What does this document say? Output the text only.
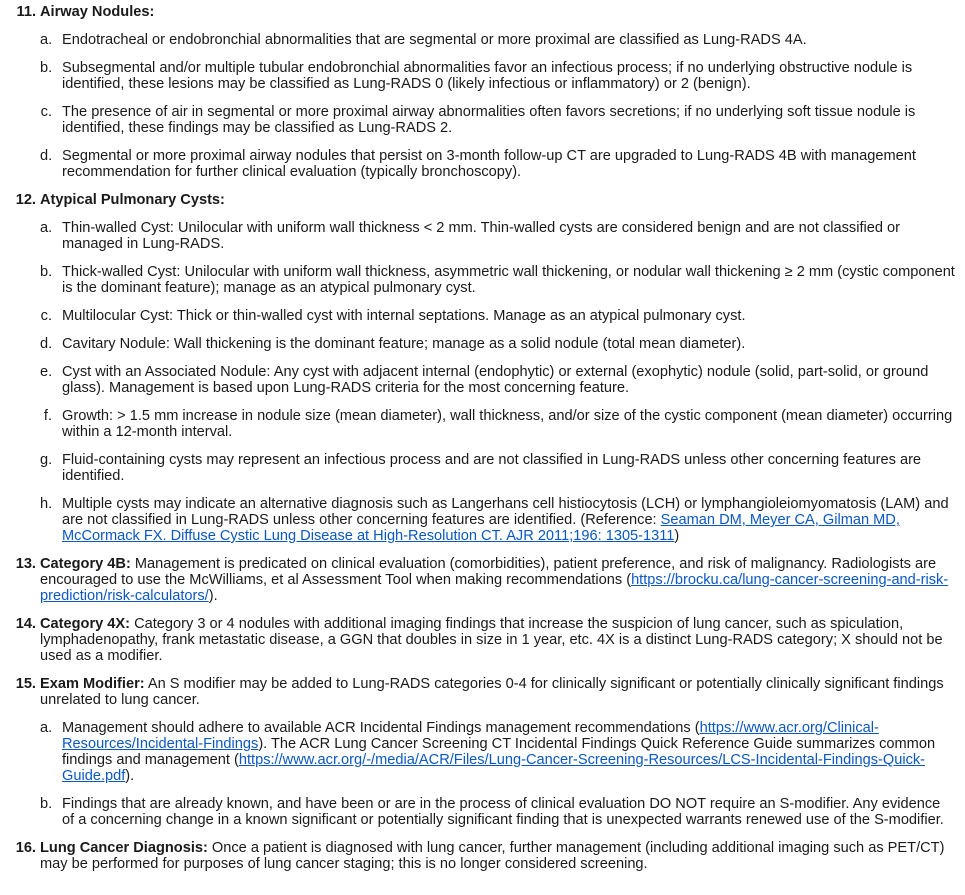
11. Airway Nodules:
a. Endotracheal or endobronchial abnormalities that are segmental or more proximal are classified as Lung-RADS 4A.
b. Subsegmental and/or multiple tubular endobronchial abnormalities favor an infectious process; if no underlying obstructive nodule is identified, these lesions may be classified as Lung-RADS 0 (likely infectious or inflammatory) or 2 (benign).
c. The presence of air in segmental or more proximal airway abnormalities often favors secretions; if no underlying soft tissue nodule is identified, these findings may be classified as Lung-RADS 2.
d. Segmental or more proximal airway nodules that persist on 3-month follow-up CT are upgraded to Lung-RADS 4B with management recommendation for further clinical evaluation (typically bronchoscopy).
12. Atypical Pulmonary Cysts:
a. Thin-walled Cyst: Unilocular with uniform wall thickness < 2 mm. Thin-walled cysts are considered benign and are not classified or managed in Lung-RADS.
b. Thick-walled Cyst: Unilocular with uniform wall thickness, asymmetric wall thickening, or nodular wall thickening ≥ 2 mm (cystic component is the dominant feature); manage as an atypical pulmonary cyst.
c. Multilocular Cyst: Thick or thin-walled cyst with internal septations. Manage as an atypical pulmonary cyst.
d. Cavitary Nodule: Wall thickening is the dominant feature; manage as a solid nodule (total mean diameter).
e. Cyst with an Associated Nodule: Any cyst with adjacent internal (endophytic) or external (exophytic) nodule (solid, part-solid, or ground glass). Management is based upon Lung-RADS criteria for the most concerning feature.
f. Growth: > 1.5 mm increase in nodule size (mean diameter), wall thickness, and/or size of the cystic component (mean diameter) occurring within a 12-month interval.
g. Fluid-containing cysts may represent an infectious process and are not classified in Lung-RADS unless other concerning features are identified.
h. Multiple cysts may indicate an alternative diagnosis such as Langerhans cell histiocytosis (LCH) or lymphangioleiomyomatosis (LAM) and are not classified in Lung-RADS unless other concerning features are identified. (Reference: Seaman DM, Meyer CA, Gilman MD, McCormack FX. Diffuse Cystic Lung Disease at High-Resolution CT. AJR 2011;196: 1305-1311)
13. Category 4B: Management is predicated on clinical evaluation (comorbidities), patient preference, and risk of malignancy. Radiologists are encouraged to use the McWilliams, et al Assessment Tool when making recommendations (https://brocku.ca/lung-cancer-screening-and-risk-prediction/risk-calculators/).
14. Category 4X: Category 3 or 4 nodules with additional imaging findings that increase the suspicion of lung cancer, such as spiculation, lymphadenopathy, frank metastatic disease, a GGN that doubles in size in 1 year, etc. 4X is a distinct Lung-RADS category; X should not be used as a modifier.
15. Exam Modifier: An S modifier may be added to Lung-RADS categories 0-4 for clinically significant or potentially clinically significant findings unrelated to lung cancer.
a. Management should adhere to available ACR Incidental Findings management recommendations (https://www.acr.org/Clinical-Resources/Incidental-Findings). The ACR Lung Cancer Screening CT Incidental Findings Quick Reference Guide summarizes common findings and management (https://www.acr.org/-/media/ACR/Files/Lung-Cancer-Screening-Resources/LCS-Incidental-Findings-Quick-Guide.pdf).
b. Findings that are already known, and have been or are in the process of clinical evaluation DO NOT require an S-modifier. Any evidence of a concerning change in a known significant or potentially significant finding that is unexpected warrants renewed use of the S-modifier.
16. Lung Cancer Diagnosis: Once a patient is diagnosed with lung cancer, further management (including additional imaging such as PET/CT) may be performed for purposes of lung cancer staging; this is no longer considered screening.
